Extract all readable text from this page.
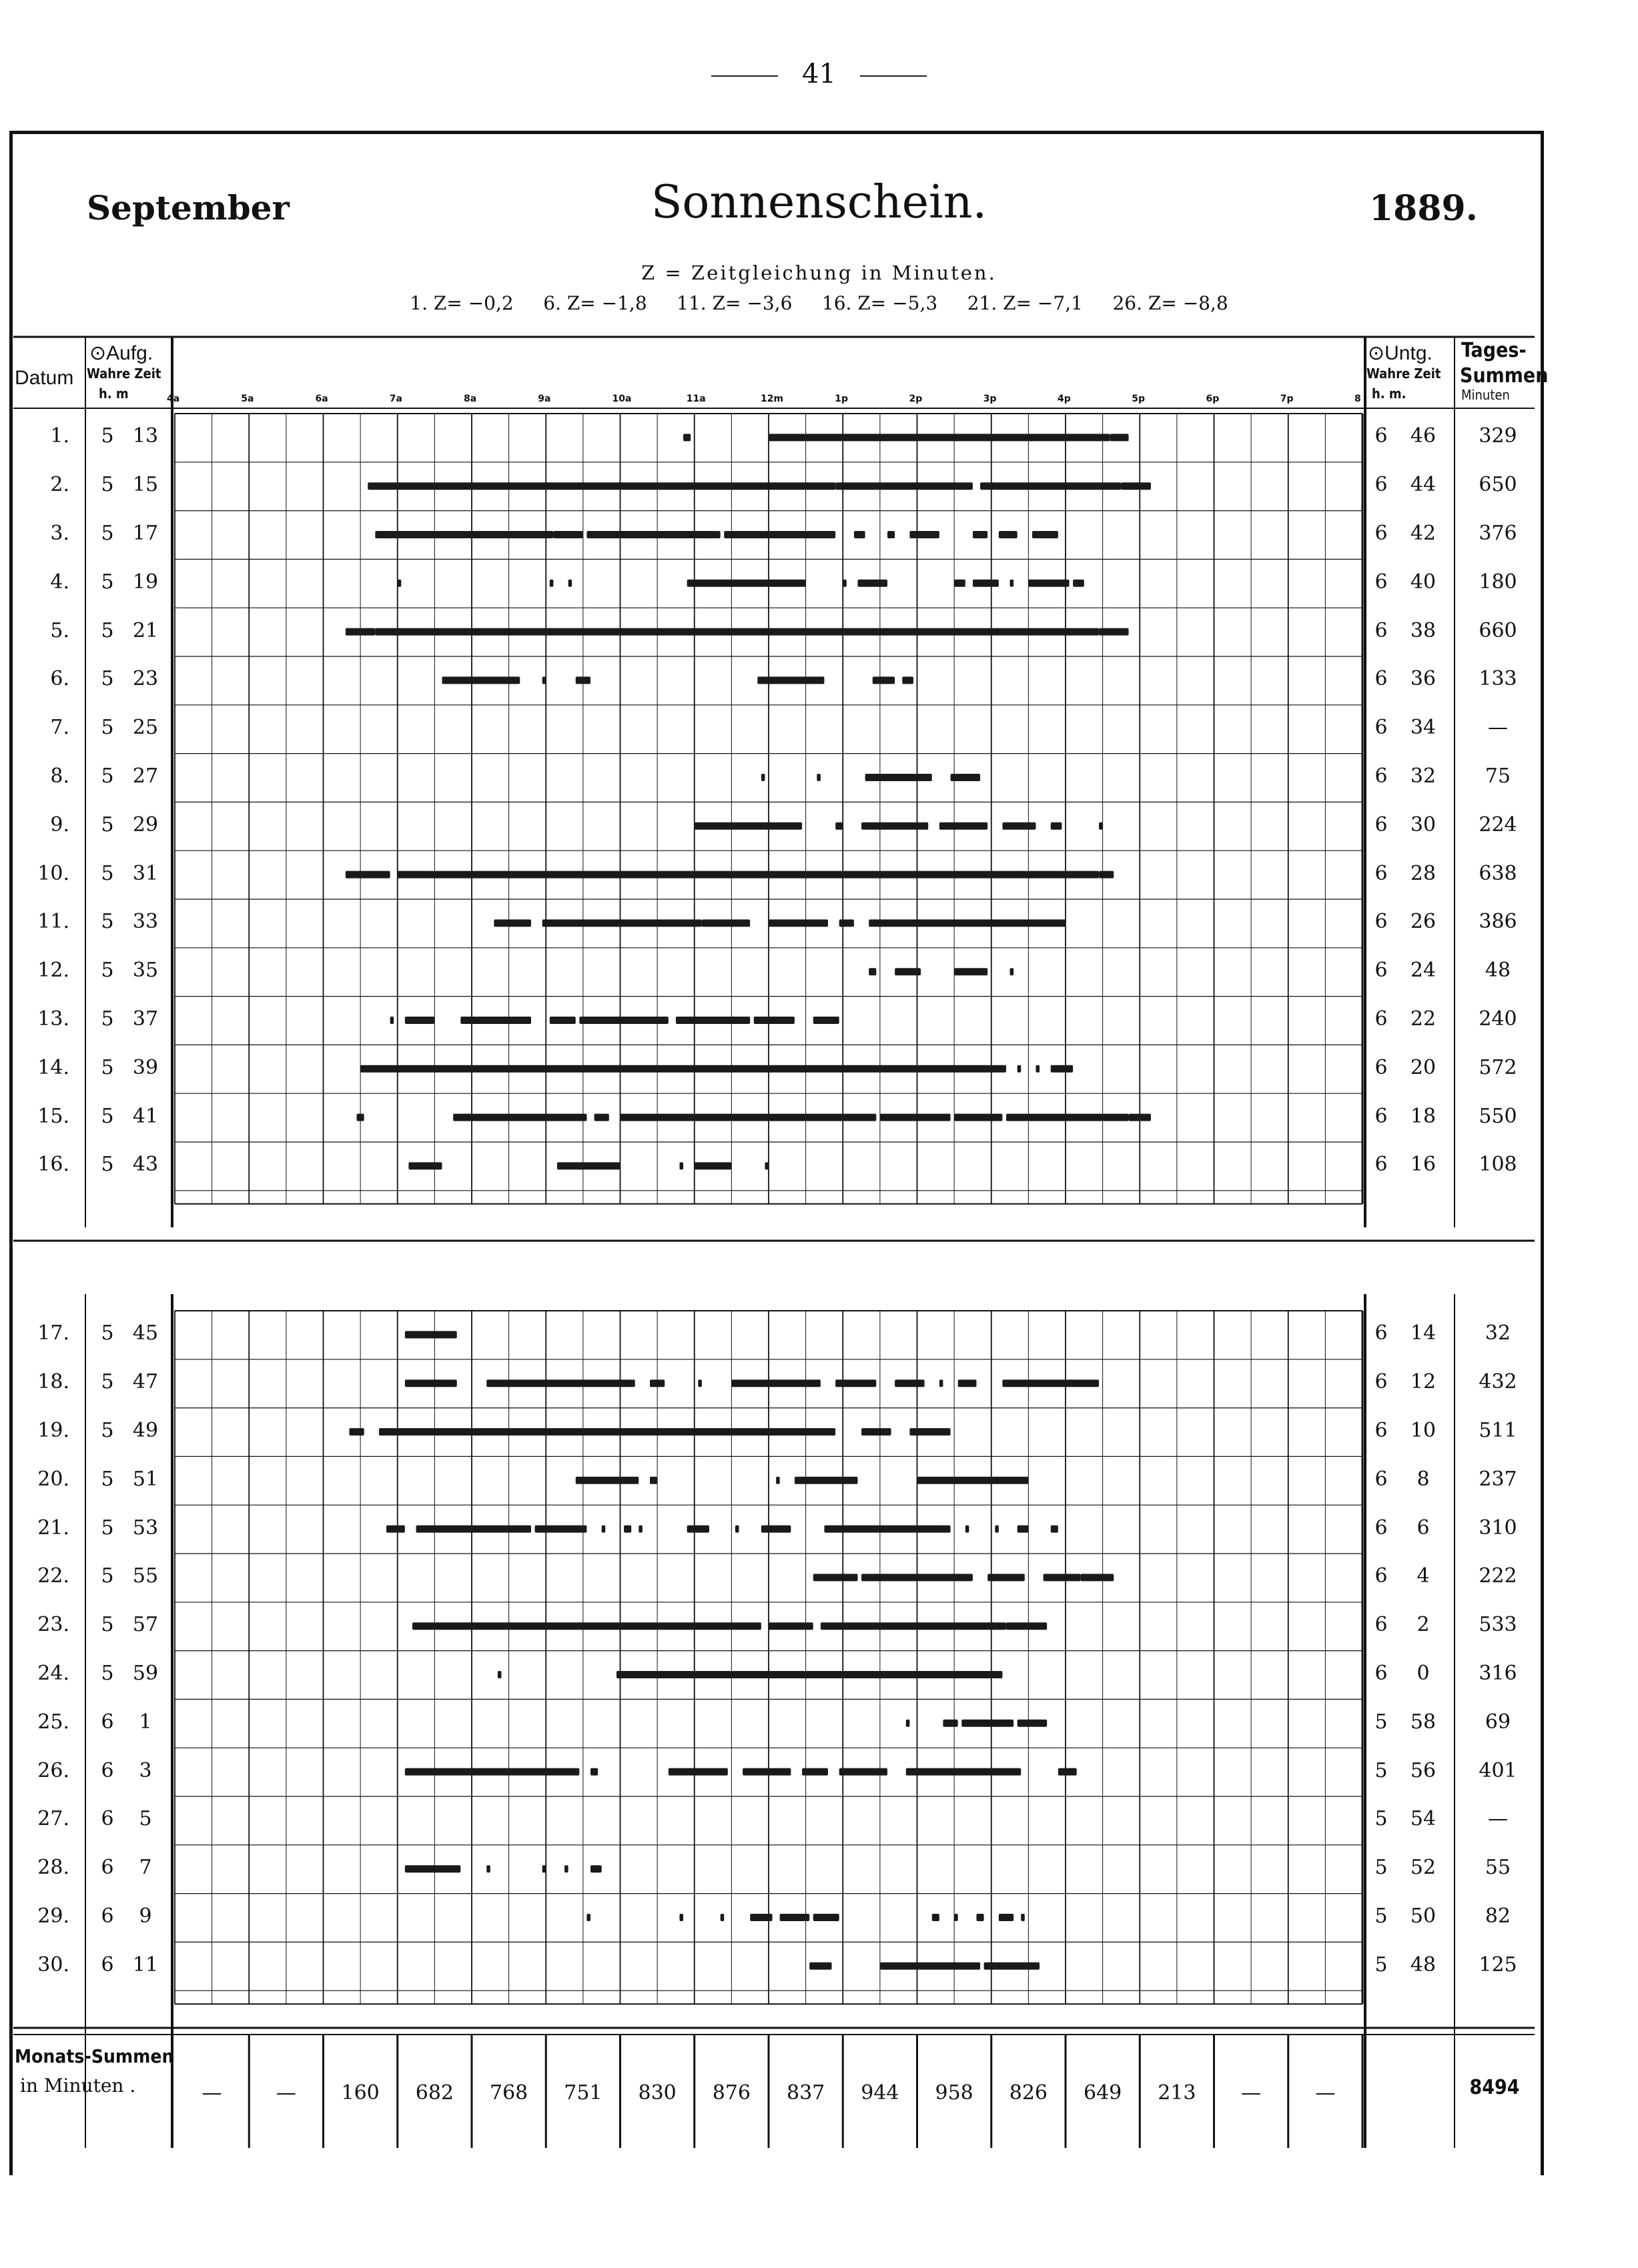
41
September	Sonnenschein.	1889.
Z = Zeitgleichung in Minuten.
1. Z= −0,2 6. Z= −1,8 11. Z= −3,6 16. Z= −5,3 21. Z= −7,1 26. Z= −8,8
Datum
⊙Aufg.
Wahre Zeit
h. m
⊙Untg.
Wahre Zeit
h. m.
Tages-
Summen
Minuten
4a	5a	6a	7a	8a	9a	10a	11a	12m	1p	2p	3p	4p	5p	6p	7p	8
1. 5 13	6	46	329
2. 5 15	6	44	650
3. 5 17	6	42	376
4. 5 19	6	40	180
5. 5 21	6	38	660
6. 5 23	6	36	133
7. 5 25	6	34	—
8. 5 27	6	32	75
9. 5 29	6	30	224
10. 5 31	6	28	638
11. 5 33	6	26	386
12. 5 35	6	24	48
13. 5 37	6	22	240
14. 5 39	6	20	572
15. 5 41	6	18	550
16. 5 43	6	16	108
17. 5 45	6	14	32
18. 5 47	6	12	432
19. 5 49	6	10	511
20. 5 51	6	8	237
21. 5 53	6	6	310
22. 5 55	6	4	222
23. 5 57	6	2	533
24. 5 59	6	0	316
25. 6	1	5	58	69
26. 6	3	5	56	401
27. 6	5	5	54	—
28. 6	7	5	52	55
29. 6	9	5	50	82
30. 6 11	5	48	125
—	—	160	682	768	751	830	876	837	944	958	826	649	213	—	—	8494
Monats-Summen
in Minuten .
